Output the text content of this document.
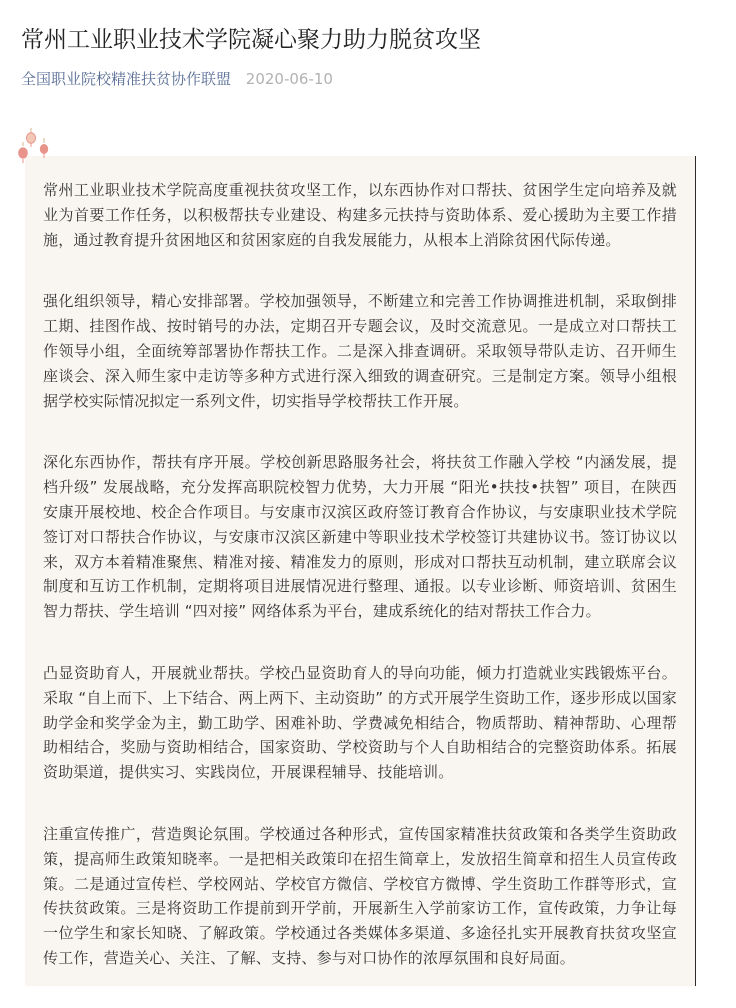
常州工业职业技术学院凝心聚力助力脱贫攻坚
全国职业院校精准扶贫协作联盟 2020-06-10

常州工业职业技术学院高度重视扶贫攻坚工作，以东西协作对口帮扶、贫困学生定向培养及就业为首要工作任务，以积极帮扶专业建设、构建多元扶持与资助体系、爱心援助为主要工作措施，通过教育提升贫困地区和贫困家庭的自我发展能力，从根本上消除贫困代际传递。

强化组织领导，精心安排部署。学校加强领导，不断建立和完善工作协调推进机制，采取倒排工期、挂图作战、按时销号的办法，定期召开专题会议，及时交流意见。一是成立对口帮扶工作领导小组，全面统筹部署协作帮扶工作。二是深入排查调研。采取领导带队走访、召开师生座谈会、深入师生家中走访等多种方式进行深入细致的调查研究。三是制定方案。领导小组根据学校实际情况拟定一系列文件，切实指导学校帮扶工作开展。

深化东西协作，帮扶有序开展。学校创新思路服务社会，将扶贫工作融入学校 “内涵发展，提档升级” 发展战略，充分发挥高职院校智力优势，大力开展 “阳光•扶技•扶智” 项目，在陕西安康开展校地、校企合作项目。与安康市汉滨区政府签订教育合作协议，与安康职业技术学院签订对口帮扶合作协议，与安康市汉滨区新建中等职业技术学校签订共建协议书。签订协议以来，双方本着精准聚焦、精准对接、精准发力的原则，形成对口帮扶互动机制，建立联席会议制度和互访工作机制，定期将项目进展情况进行整理、通报。以专业诊断、师资培训、贫困生智力帮扶、学生培训 “四对接” 网络体系为平台，建成系统化的结对帮扶工作合力。

凸显资助育人，开展就业帮扶。学校凸显资助育人的导向功能，倾力打造就业实践锻炼平台。采取 “自上而下、上下结合、两上两下、主动资助” 的方式开展学生资助工作，逐步形成以国家助学金和奖学金为主，勤工助学、困难补助、学费减免相结合，物质帮助、精神帮助、心理帮助相结合，奖励与资助相结合，国家资助、学校资助与个人自助相结合的完整资助体系。拓展资助渠道，提供实习、实践岗位，开展课程辅导、技能培训。

注重宣传推广，营造舆论氛围。学校通过各种形式，宣传国家精准扶贫政策和各类学生资助政策，提高师生政策知晓率。一是把相关政策印在招生简章上，发放招生简章和招生人员宣传政策。二是通过宣传栏、学校网站、学校官方微信、学校官方微博、学生资助工作群等形式，宣传扶贫政策。三是将资助工作提前到开学前，开展新生入学前家访工作，宣传政策，力争让每一位学生和家长知晓、了解政策。学校通过各类媒体多渠道、多途径扎实开展教育扶贫攻坚宣传工作，营造关心、关注、了解、支持、参与对口协作的浓厚氛围和良好局面。
